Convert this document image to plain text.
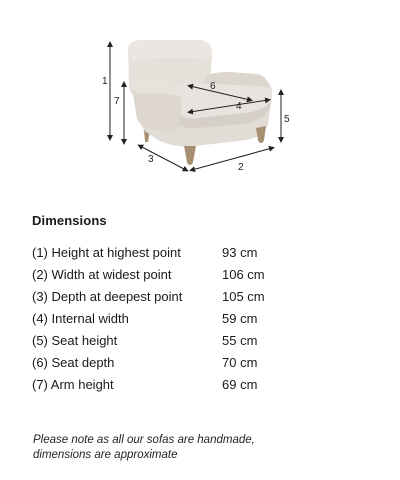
1
2
3
4
5
6
7
Dimensions
(1) Height at highest point	93 cm
(2) Width at widest point	106 cm
(3) Depth at deepest point	105 cm
(4) Internal width	59 cm
(5) Seat height	55 cm
(6) Seat depth	70 cm
(7) Arm height	69 cm
Please note as all our sofas are handmade,
dimensions are approximate
